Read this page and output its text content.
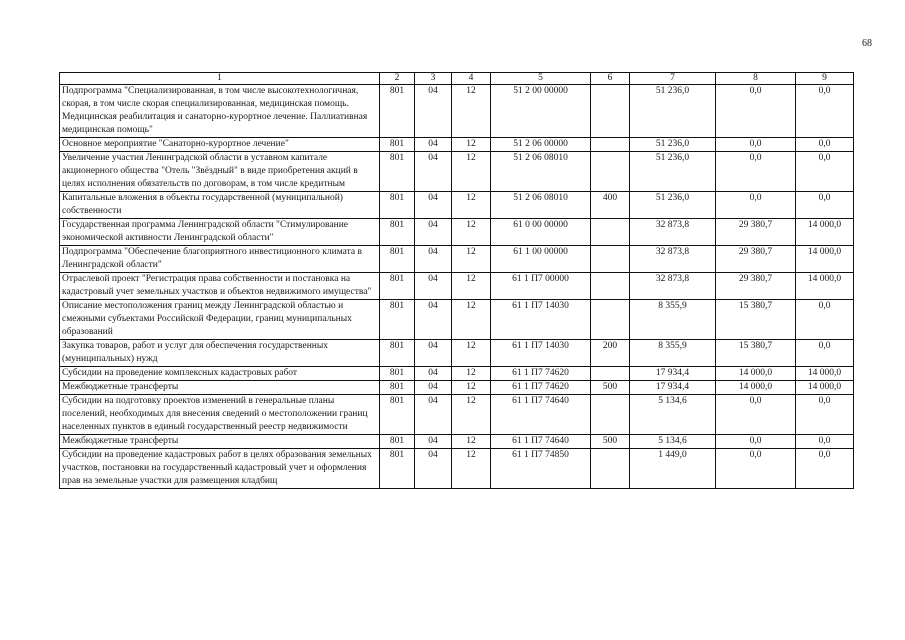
68
1	2	3	4	5	6	7	8	9
Подпрограмма "Специализированная, в том числе высокотехнологичная, скорая, в том числе скорая специализированная, медицинская помощь. Медицинская реабилитация и санаторно-курортное лечение. Паллиативная медицинская помощь"	801	04	12	51 2 00 00000		51 236,0	0,0	0,0
Основное мероприятие "Санаторно-курортное лечение"	801	04	12	51 2 06 00000		51 236,0	0,0	0,0
Увеличение участия Ленинградской области в уставном капитале акционерного общества "Отель "Звёздный" в виде приобретения акций в целях исполнения обязательств по договорам, в том числе кредитным	801	04	12	51 2 06 08010		51 236,0	0,0	0,0
Капитальные вложения в объекты государственной (муниципальной) собственности	801	04	12	51 2 06 08010	400	51 236,0	0,0	0,0
Государственная программа Ленинградской области "Стимулирование экономической активности Ленинградской области"	801	04	12	61 0 00 00000		32 873,8	29 380,7	14 000,0
Подпрограмма "Обеспечение благоприятного инвестиционного климата в Ленинградской области"	801	04	12	61 1 00 00000		32 873,8	29 380,7	14 000,0
Отраслевой проект "Регистрация права собственности и постановка на кадастровый учет земельных участков и объектов недвижимого имущества"	801	04	12	61 1 П7 00000		32 873,8	29 380,7	14 000,0
Описание местоположения границ между Ленинградской областью и смежными субъектами Российской Федерации, границ муниципальных образований	801	04	12	61 1 П7 14030		8 355,9	15 380,7	0,0
Закупка товаров, работ и услуг для обеспечения государственных (муниципальных) нужд	801	04	12	61 1 П7 14030	200	8 355,9	15 380,7	0,0
Субсидии на проведение комплексных кадастровых работ	801	04	12	61 1 П7 74620		17 934,4	14 000,0	14 000,0
Межбюджетные трансферты	801	04	12	61 1 П7 74620	500	17 934,4	14 000,0	14 000,0
Субсидии на подготовку проектов изменений в генеральные планы поселений, необходимых для внесения сведений о местоположении границ населенных пунктов в единый государственный реестр недвижимости	801	04	12	61 1 П7 74640		5 134,6	0,0	0,0
Межбюджетные трансферты	801	04	12	61 1 П7 74640	500	5 134,6	0,0	0,0
Субсидии на проведение кадастровых работ в целях образования земельных участков, постановки на государственный кадастровый учет и оформления прав на земельные участки для размещения кладбищ	801	04	12	61 1 П7 74850		1 449,0	0,0	0,0
